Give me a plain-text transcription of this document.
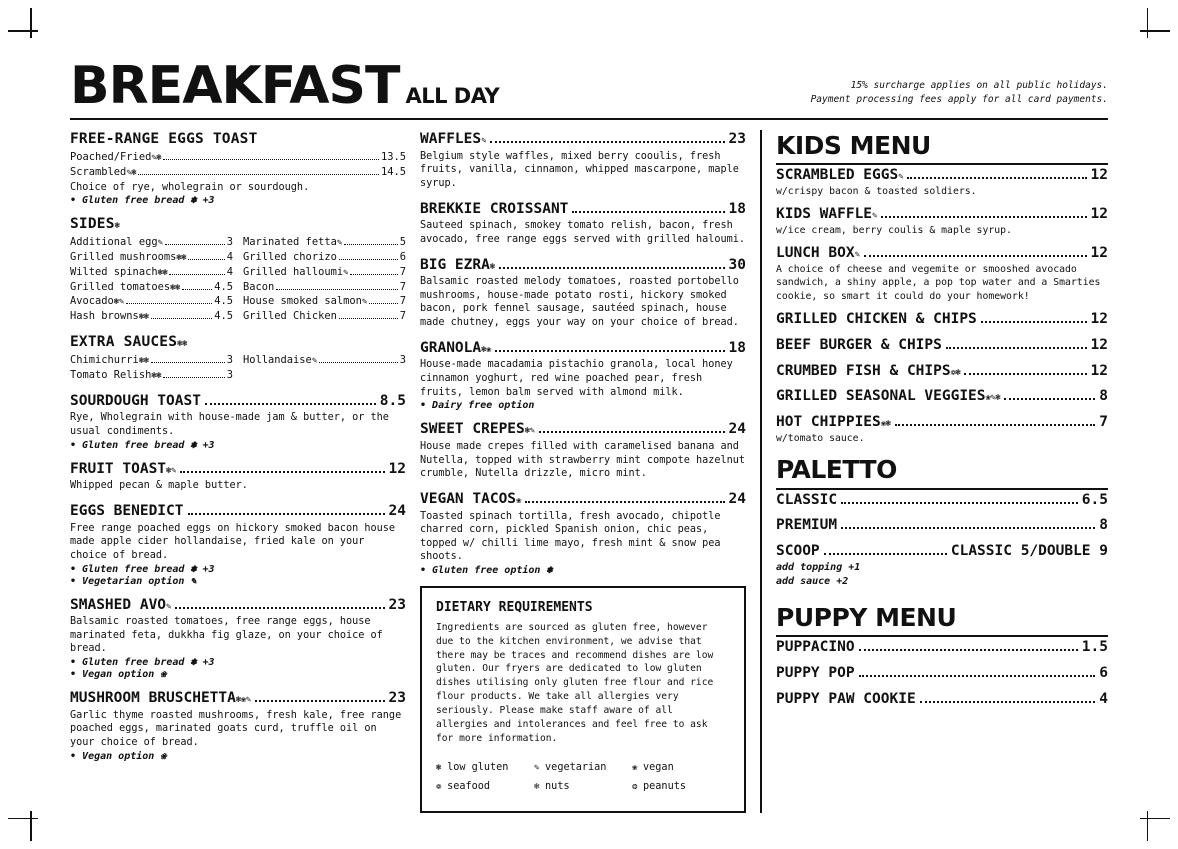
BREAKFAST ALL DAY	15% surcharge applies on all public holidays.
Payment processing fees apply for all card payments.
FREE-RANGE EGGS TOAST
Poached/Fried ✎❃	13.5
Scrambled ✎❃	14.5

Choice of rye, wholegrain or sourdough.

• Gluten free bread ❃ +3

SIDES❃
Additional egg ✎	3
Grilled mushrooms ❃❃	4
Wilted spinach ❃❃	4
Grilled tomatoes ❃❃	4.5
Avocado ❃✎	4.5
Hash browns ❃❃	4.5
Marinated fetta ✎	5
Grilled chorizo	6
Grilled halloumi ✎	7
Bacon	7
House smoked salmon ✎	7
Grilled Chicken	7
EXTRA SAUCES❃❃
Chimichurri ❃❃	3
Tomato Relish ❃❃	3
Hollandaise ✎	3
SOURDOUGH TOAST	8.5

Rye, Wholegrain with house-made jam & butter, or the usual condiments.

• Gluten free bread ❃ +3

FRUIT TOAST ❃✎	12

Whipped pecan & maple butter.

EGGS BENEDICT	24

Free range poached eggs on hickory smoked bacon house made apple cider hollandaise, fried kale on your choice of bread.

• Gluten free bread ❃ +3

• Vegetarian option ✎

SMASHED AVO ✎	23

Balsamic roasted tomatoes, free range eggs, house marinated feta, dukkha fig glaze, on your choice of bread.

• Gluten free bread ❃ +3

• Vegan option ❀

MUSHROOM BRUSCHETTA ❃❀✎	23

Garlic thyme roasted mushrooms, fresh kale, free range poached eggs, marinated goats curd, truffle oil on your choice of bread.

• Vegan option ❀

WAFFLES ✎	23

Belgium style waffles, mixed berry cooulis, fresh fruits, vanilla, cinnamon, whipped mascarpone, maple syrup.

BREKKIE CROISSANT	18

Sauteed spinach, smokey tomato relish, bacon, fresh avocado, free range eggs served with grilled haloumi.

BIG EZRA ❃	30

Balsamic roasted melody tomatoes, roasted portobello mushrooms, house-made potato rosti, hickory smoked bacon, pork fennel sausage, sautéed spinach, house made chutney, eggs your way on your choice of bread.

GRANOLA ❃❀	18

House-made macadamia pistachio granola, local honey cinnamon yoghurt, red wine poached pear, fresh fruits, lemon balm served with almond milk.

• Dairy free option

SWEET CREPES ❃✎	24

House made crepes filled with caramelised banana and Nutella, topped with strawberry mint compote hazelnut crumble, Nutella drizzle, micro mint.

VEGAN TACOS ❀	24

Toasted spinach tortilla, fresh avocado, chipotle charred corn, pickled Spanish onion, chic peas, topped w/ chilli lime mayo, fresh mint & snow pea shoots.

• Gluten free option ❃

DIETARY REQUIREMENTS

Ingredients are sourced as gluten free, however due to the kitchen environment, we advise that there may be traces and recommend dishes are low gluten. Our fryers are dedicated to low gluten dishes utilising only gluten free flour and rice flour products. We take all allergies very seriously. Please make staff aware of all allergies and intolerances and feel free to ask for more information.

❃ low gluten	✎ vegetarian	❀ vegan
❁ seafood	❄ nuts	❂ peanuts
KIDS MENU
SCRAMBLED EGGS ✎	12

w/crispy bacon & toasted soldiers.

KIDS WAFFLE ✎	12

w/ice cream, berry coulis & maple syrup.

LUNCH BOX ✎	12

A choice of cheese and vegemite or smooshed avocado sandwich, a shiny apple, a pop top water and a Smarties cookie, so smart it could do your homework!

GRILLED CHICKEN & CHIPS	12
BEEF BURGER & CHIPS	12
CRUMBED FISH & CHIPS ❁❃	12
GRILLED SEASONAL VEGGIES ❀✎❃	8
HOT CHIPPIES ❀❃	7

w/tomato sauce.

PALETTO
CLASSIC	6.5
PREMIUM	8
SCOOP	CLASSIC 5/DOUBLE 9
add topping +1
add sauce +2
PUPPY MENU
PUPPACINO	1.5
PUPPY POP	6
PUPPY PAW COOKIE	4
